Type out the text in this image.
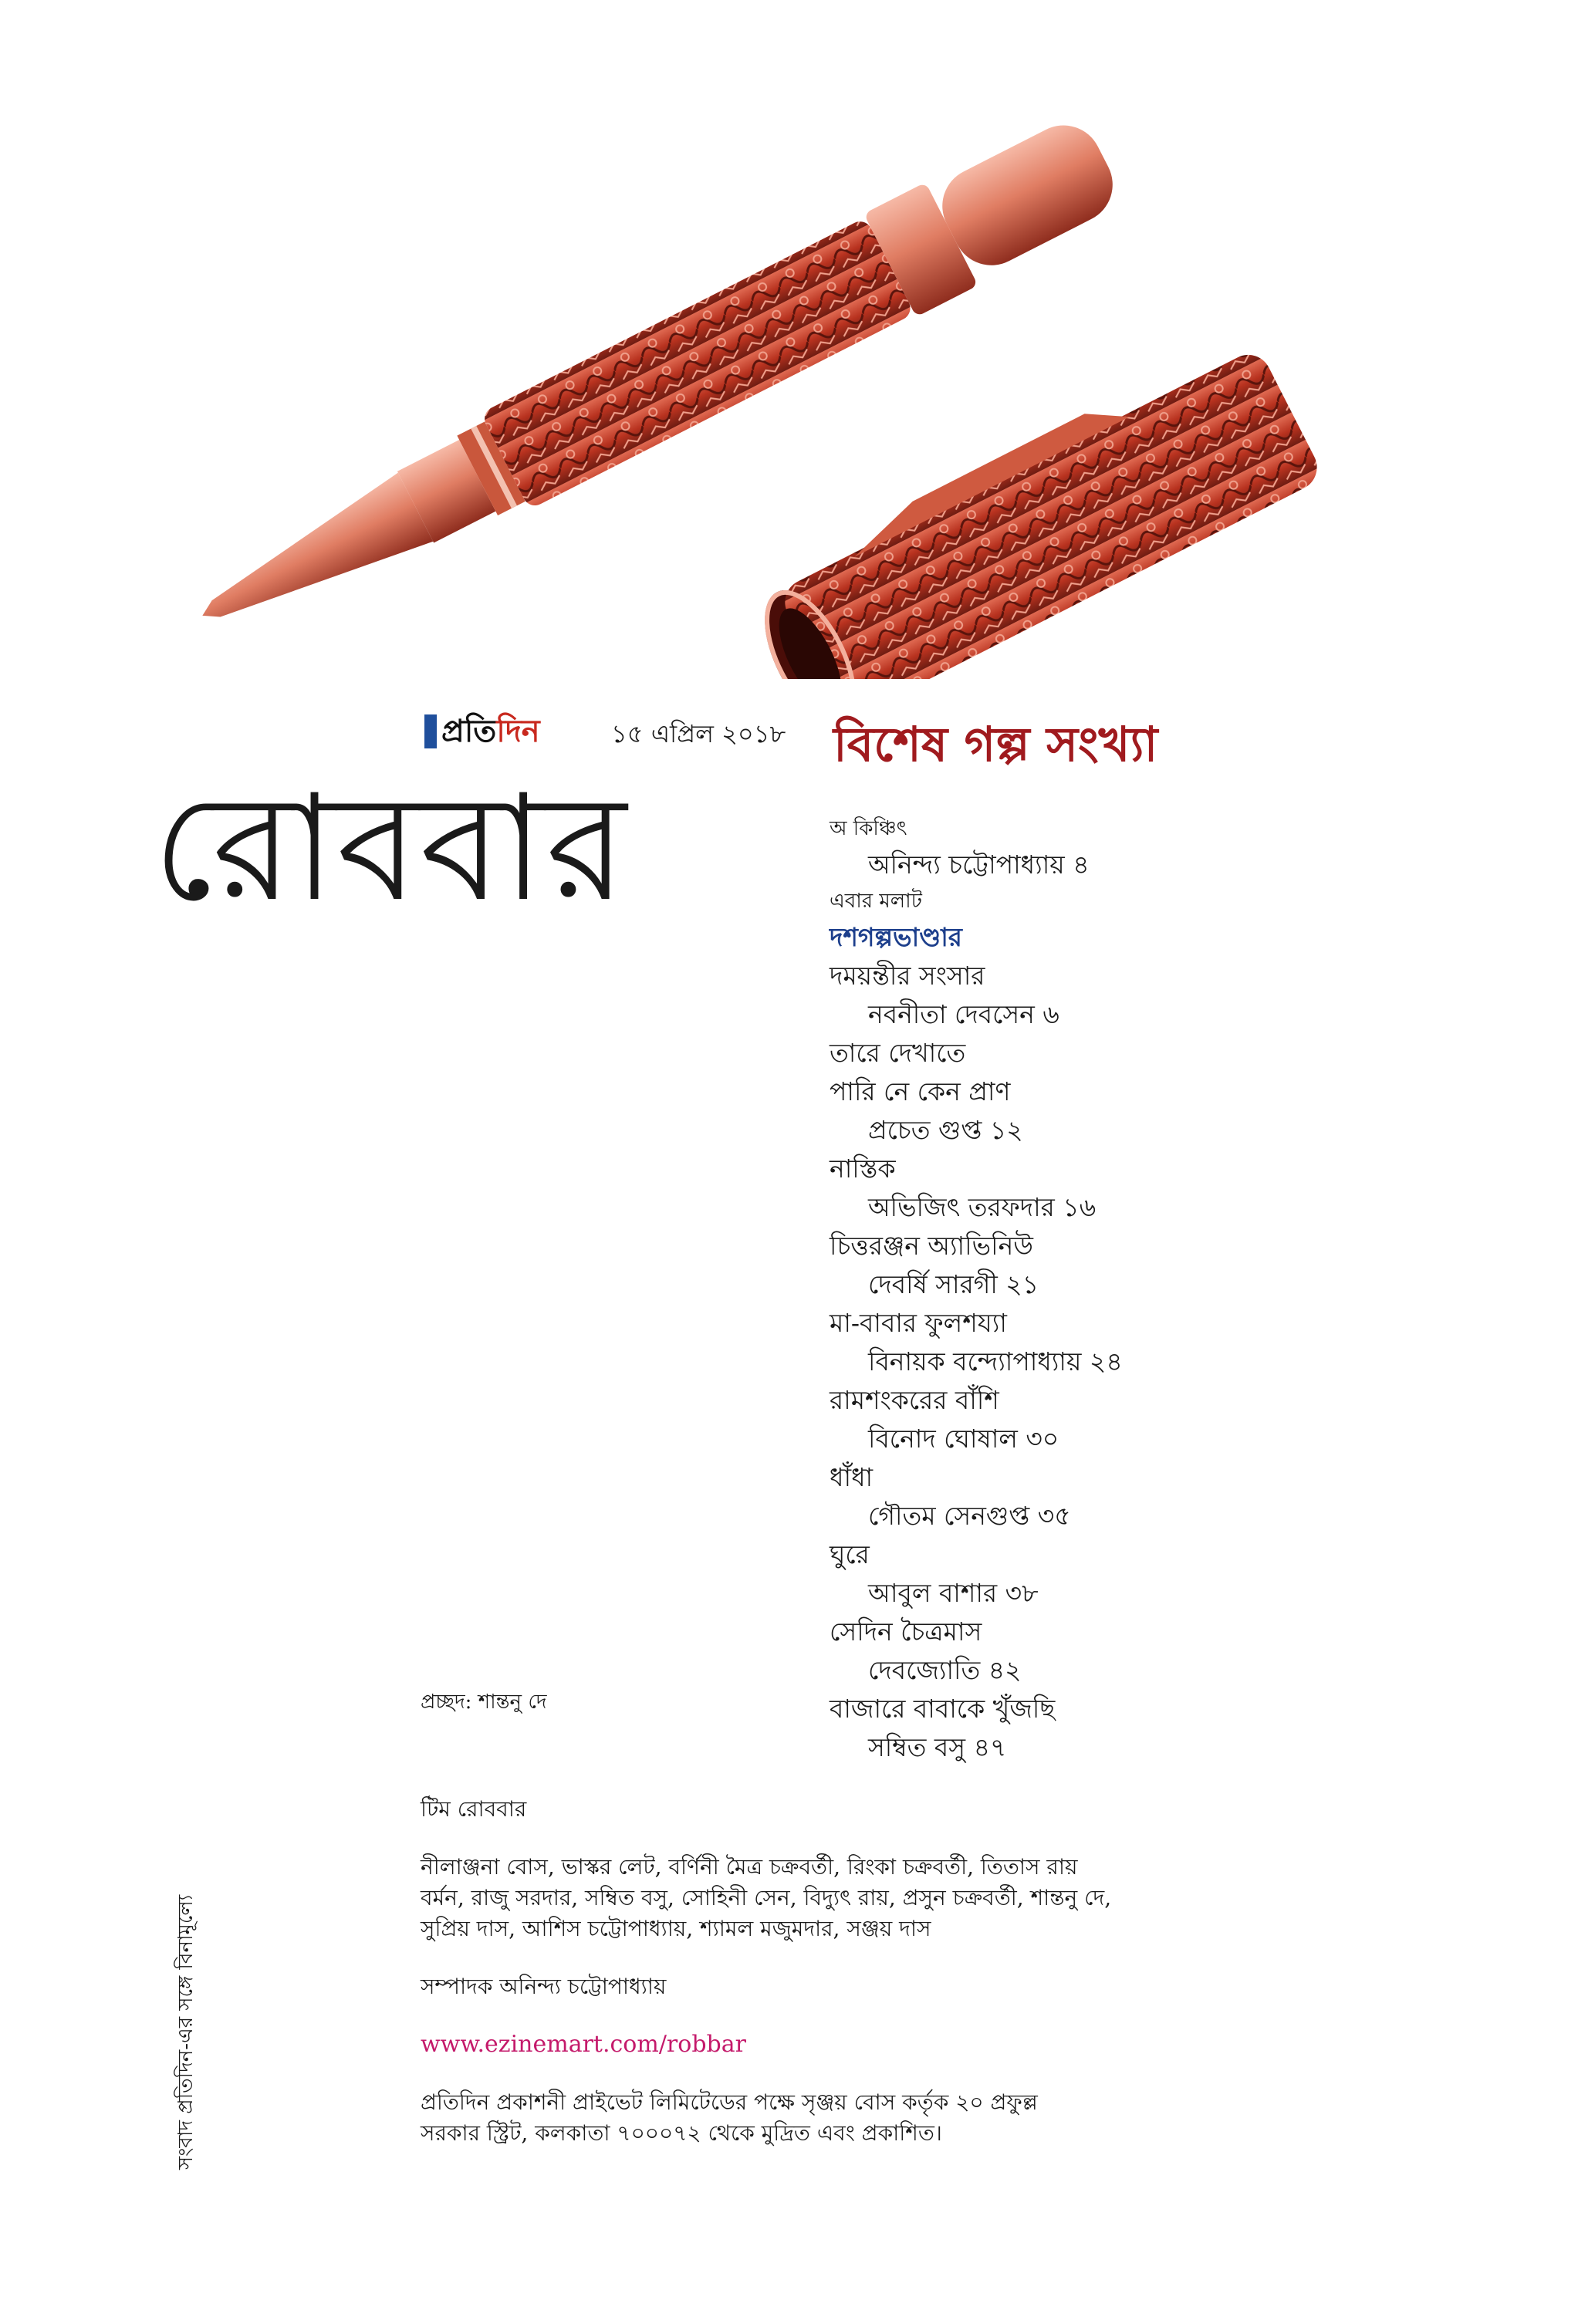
প্রতিদিন	১৫ এপ্রিল ২০১৮
রোববার
বিশেষ গল্প সংখ্যা
অ কিঞ্চিৎ
অনিন্দ্য চট্টোপাধ্যায় ৪
এবার মলাট
দশগল্পভাণ্ডার
দময়ন্তীর সংসার
নবনীতা দেবসেন ৬
তারে দেখাতে
পারি নে কেন প্রাণ
প্রচেত গুপ্ত ১২
নাস্তিক
অভিজিৎ তরফদার ১৬
চিত্তরঞ্জন অ্যাভিনিউ
দেবর্ষি সারগী ২১
মা-বাবার ফুলশয্যা
বিনায়ক বন্দ্যোপাধ্যায় ২৪
রামশংকরের বাঁশি
বিনোদ ঘোষাল ৩০
ধাঁধা
গৌতম সেনগুপ্ত ৩৫
ঘুরে
আবুল বাশার ৩৮
সেদিন চৈত্রমাস
দেবজ্যোতি ৪২
বাজারে বাবাকে খুঁজছি
সম্বিত বসু ৪৭
প্রচ্ছদ: শান্তনু দে
সংবাদ প্রতিদিন-এর সঙ্গে বিনামূল্যে

টিম রোববার

নীলাঞ্জনা বোস, ভাস্কর লেট, বর্ণিনী মৈত্র চক্রবর্তী, রিংকা চক্রবর্তী, তিতাস রায়

বর্মন, রাজু সরদার, সম্বিত বসু, সোহিনী সেন, বিদ্যুৎ রায়, প্রসুন চক্রবর্তী, শান্তনু দে,

সুপ্রিয় দাস, আশিস চট্টোপাধ্যায়, শ্যামল মজুমদার, সঞ্জয় দাস

সম্পাদক অনিন্দ্য চট্টোপাধ্যায়

www.ezinemart.com/robbar

প্রতিদিন প্রকাশনী প্রাইভেট লিমিটেডের পক্ষে সৃঞ্জয় বোস কর্তৃক ২০ প্রফুল্ল

সরকার স্ট্রিট, কলকাতা ৭০০০৭২ থেকে মুদ্রিত এবং প্রকাশিত।
